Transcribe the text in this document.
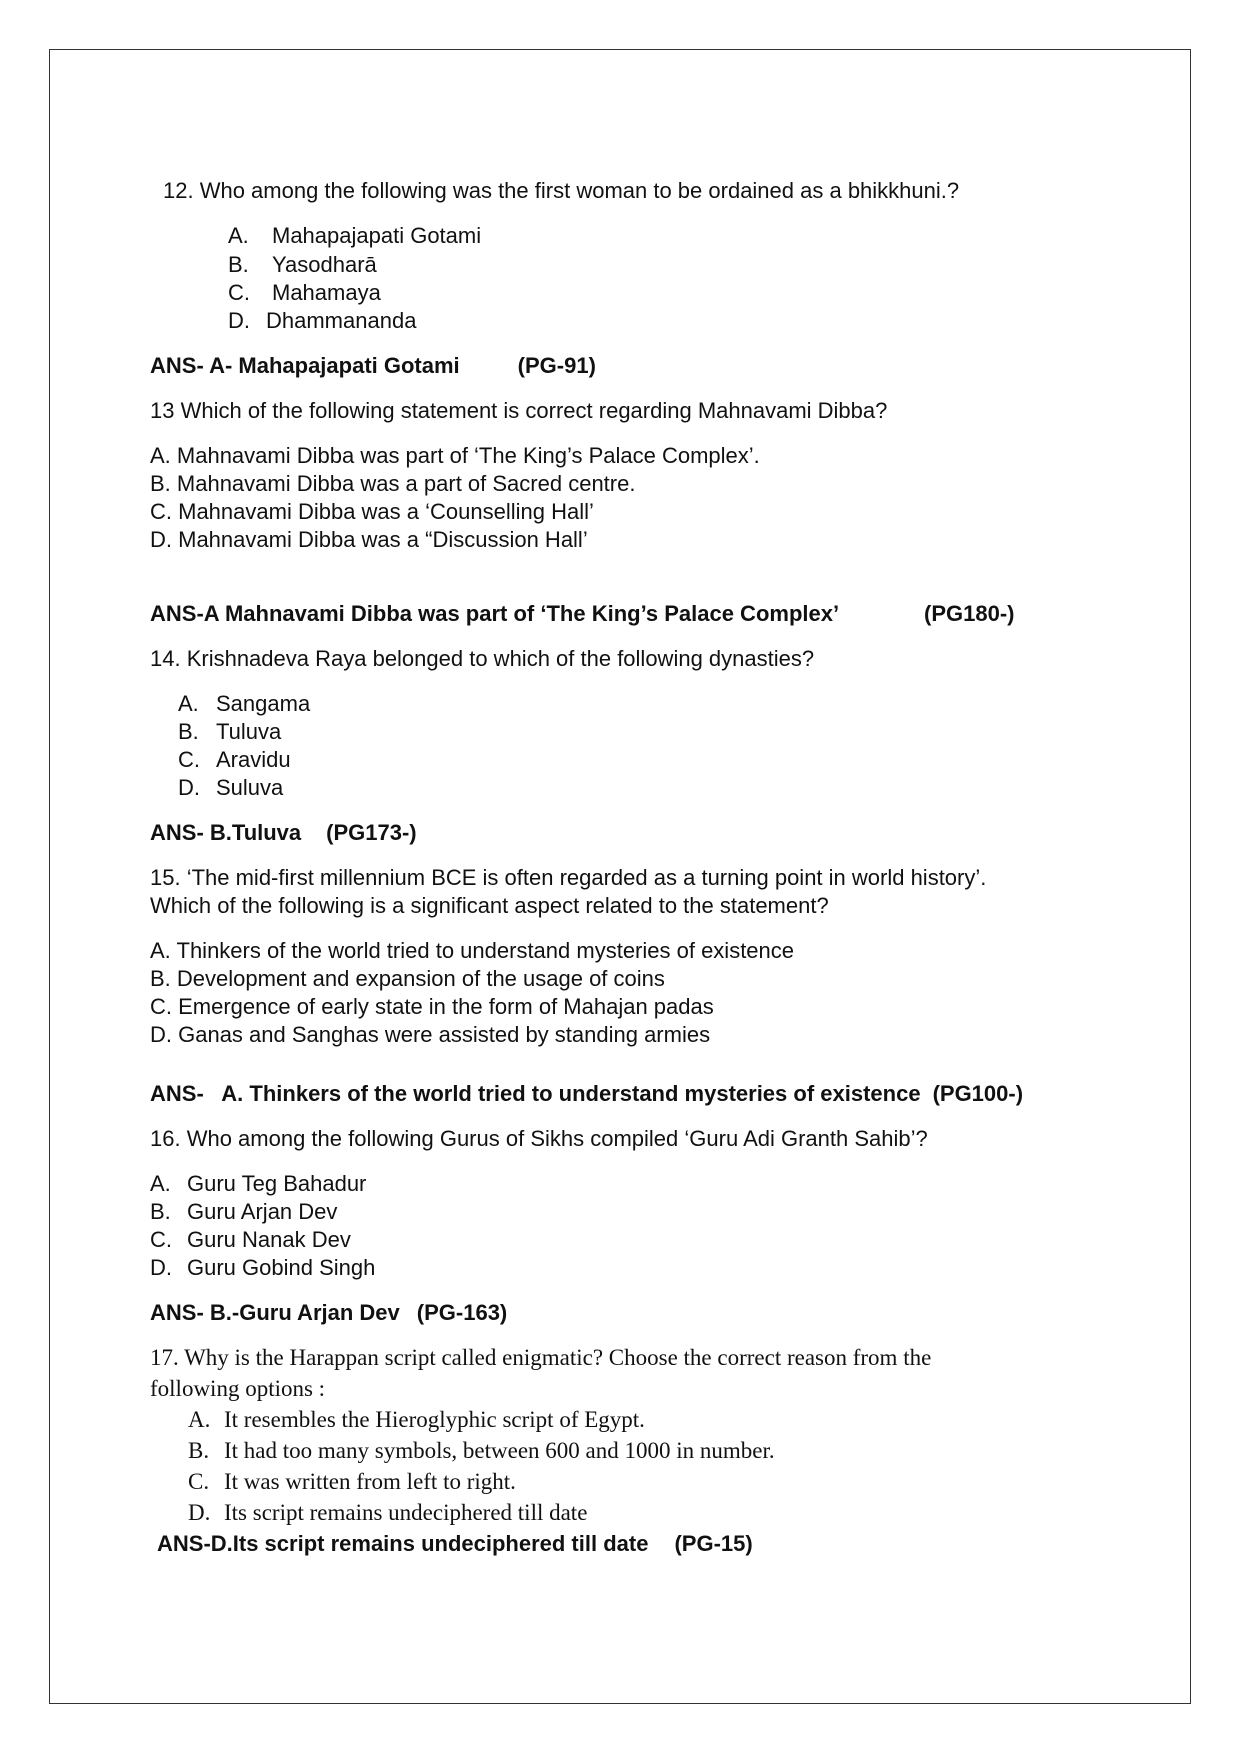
12. Who among the following was the first woman to be ordained as a bhikkhuni.?
A. Mahapajapati Gotami
B. Yasodharā
C. Mahamaya
D. Dhammananda
ANS- A- Mahapajapati Gotami	(PG-91)
13 Which of the following statement is correct regarding Mahnavami Dibba?
A. Mahnavami Dibba was part of ‘The King’s Palace Complex’.
B. Mahnavami Dibba was a part of Sacred centre.
C. Mahnavami Dibba was a ‘Counselling Hall’
D. Mahnavami Dibba was a “Discussion Hall’
ANS-A Mahnavami Dibba was part of ‘The King’s Palace Complex’	(PG180-)
14. Krishnadeva Raya belonged to which of the following dynasties?
A. Sangama
B. Tuluva
C. Aravidu
D. Suluva
ANS- B.Tuluva (PG173-)
15. ‘The mid-first millennium BCE is often regarded as a turning point in world history’.
Which of the following is a significant aspect related to the statement?
A. Thinkers of the world tried to understand mysteries of existence
B. Development and expansion of the usage of coins
C. Emergence of early state in the form of Mahajan padas
D. Ganas and Sanghas were assisted by standing armies
ANS-   A. Thinkers of the world tried to understand mysteries of existence (PG100-)
16. Who among the following Gurus of Sikhs compiled ‘Guru Adi Granth Sahib’?
A. Guru Teg Bahadur
B. Guru Arjan Dev
C. Guru Nanak Dev
D. Guru Gobind Singh
ANS- B.-Guru Arjan Dev (PG-163)
17. Why is the Harappan script called enigmatic? Choose the correct reason from the
following options :
A. It resembles the Hieroglyphic script of Egypt.
B. It had too many symbols, between 600 and 1000 in number.
C. It was written from left to right.
D. Its script remains undeciphered till date
ANS-D.Its script remains undeciphered till date (PG-15)
